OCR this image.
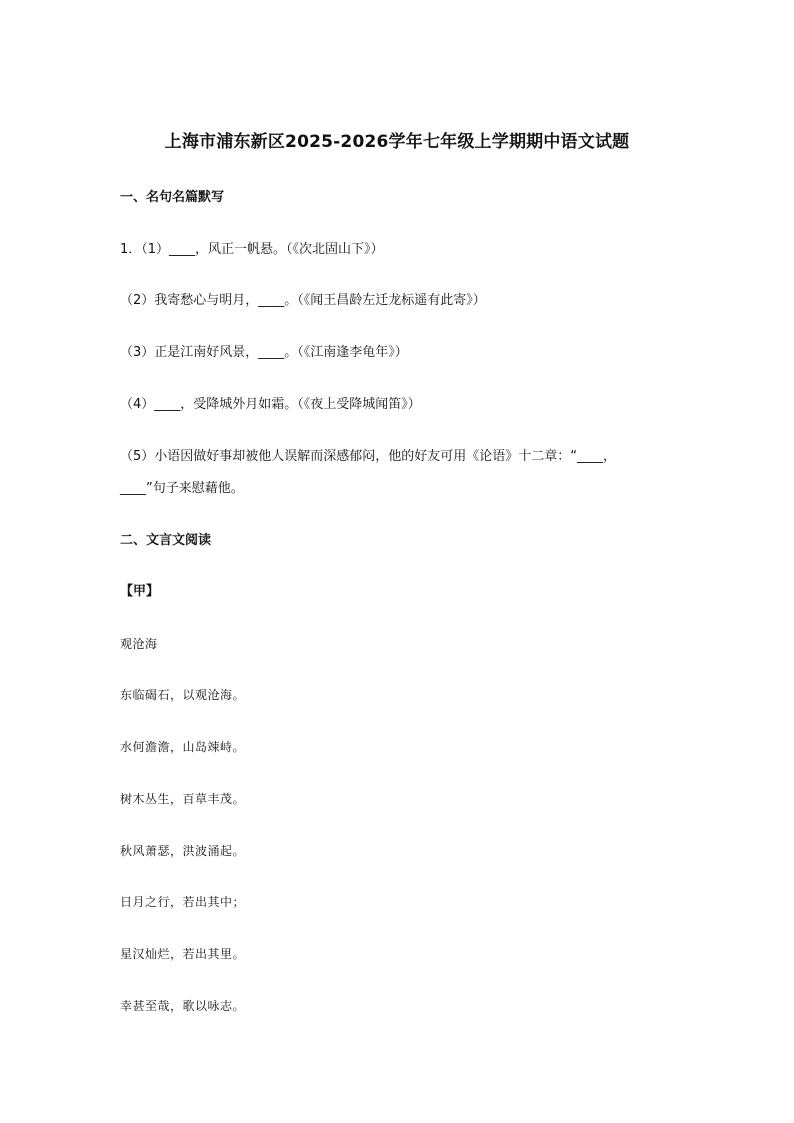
上海市浦东新区2025-2026学年七年级上学期期中语文试题
一、名句名篇默写
1．（1）____，风正一帆悬。（《次北固山下》）
（2）我寄愁心与明月，____。（《闻王昌龄左迁龙标遥有此寄》）
（3）正是江南好风景，____。（《江南逢李龟年》）
（4）____，受降城外月如霜。（《夜上受降城闻笛》）
（5）小语因做好事却被他人误解而深感郁闷，他的好友可用《论语》十二章：“____，
____”句子来慰藉他。
二、文言文阅读
【甲】
观沧海
东临碣石，以观沧海。
水何澹澹，山岛竦峙。
树木丛生，百草丰茂。
秋风萧瑟，洪波涌起。
日月之行，若出其中；
星汉灿烂，若出其里。
幸甚至哉，歌以咏志。
